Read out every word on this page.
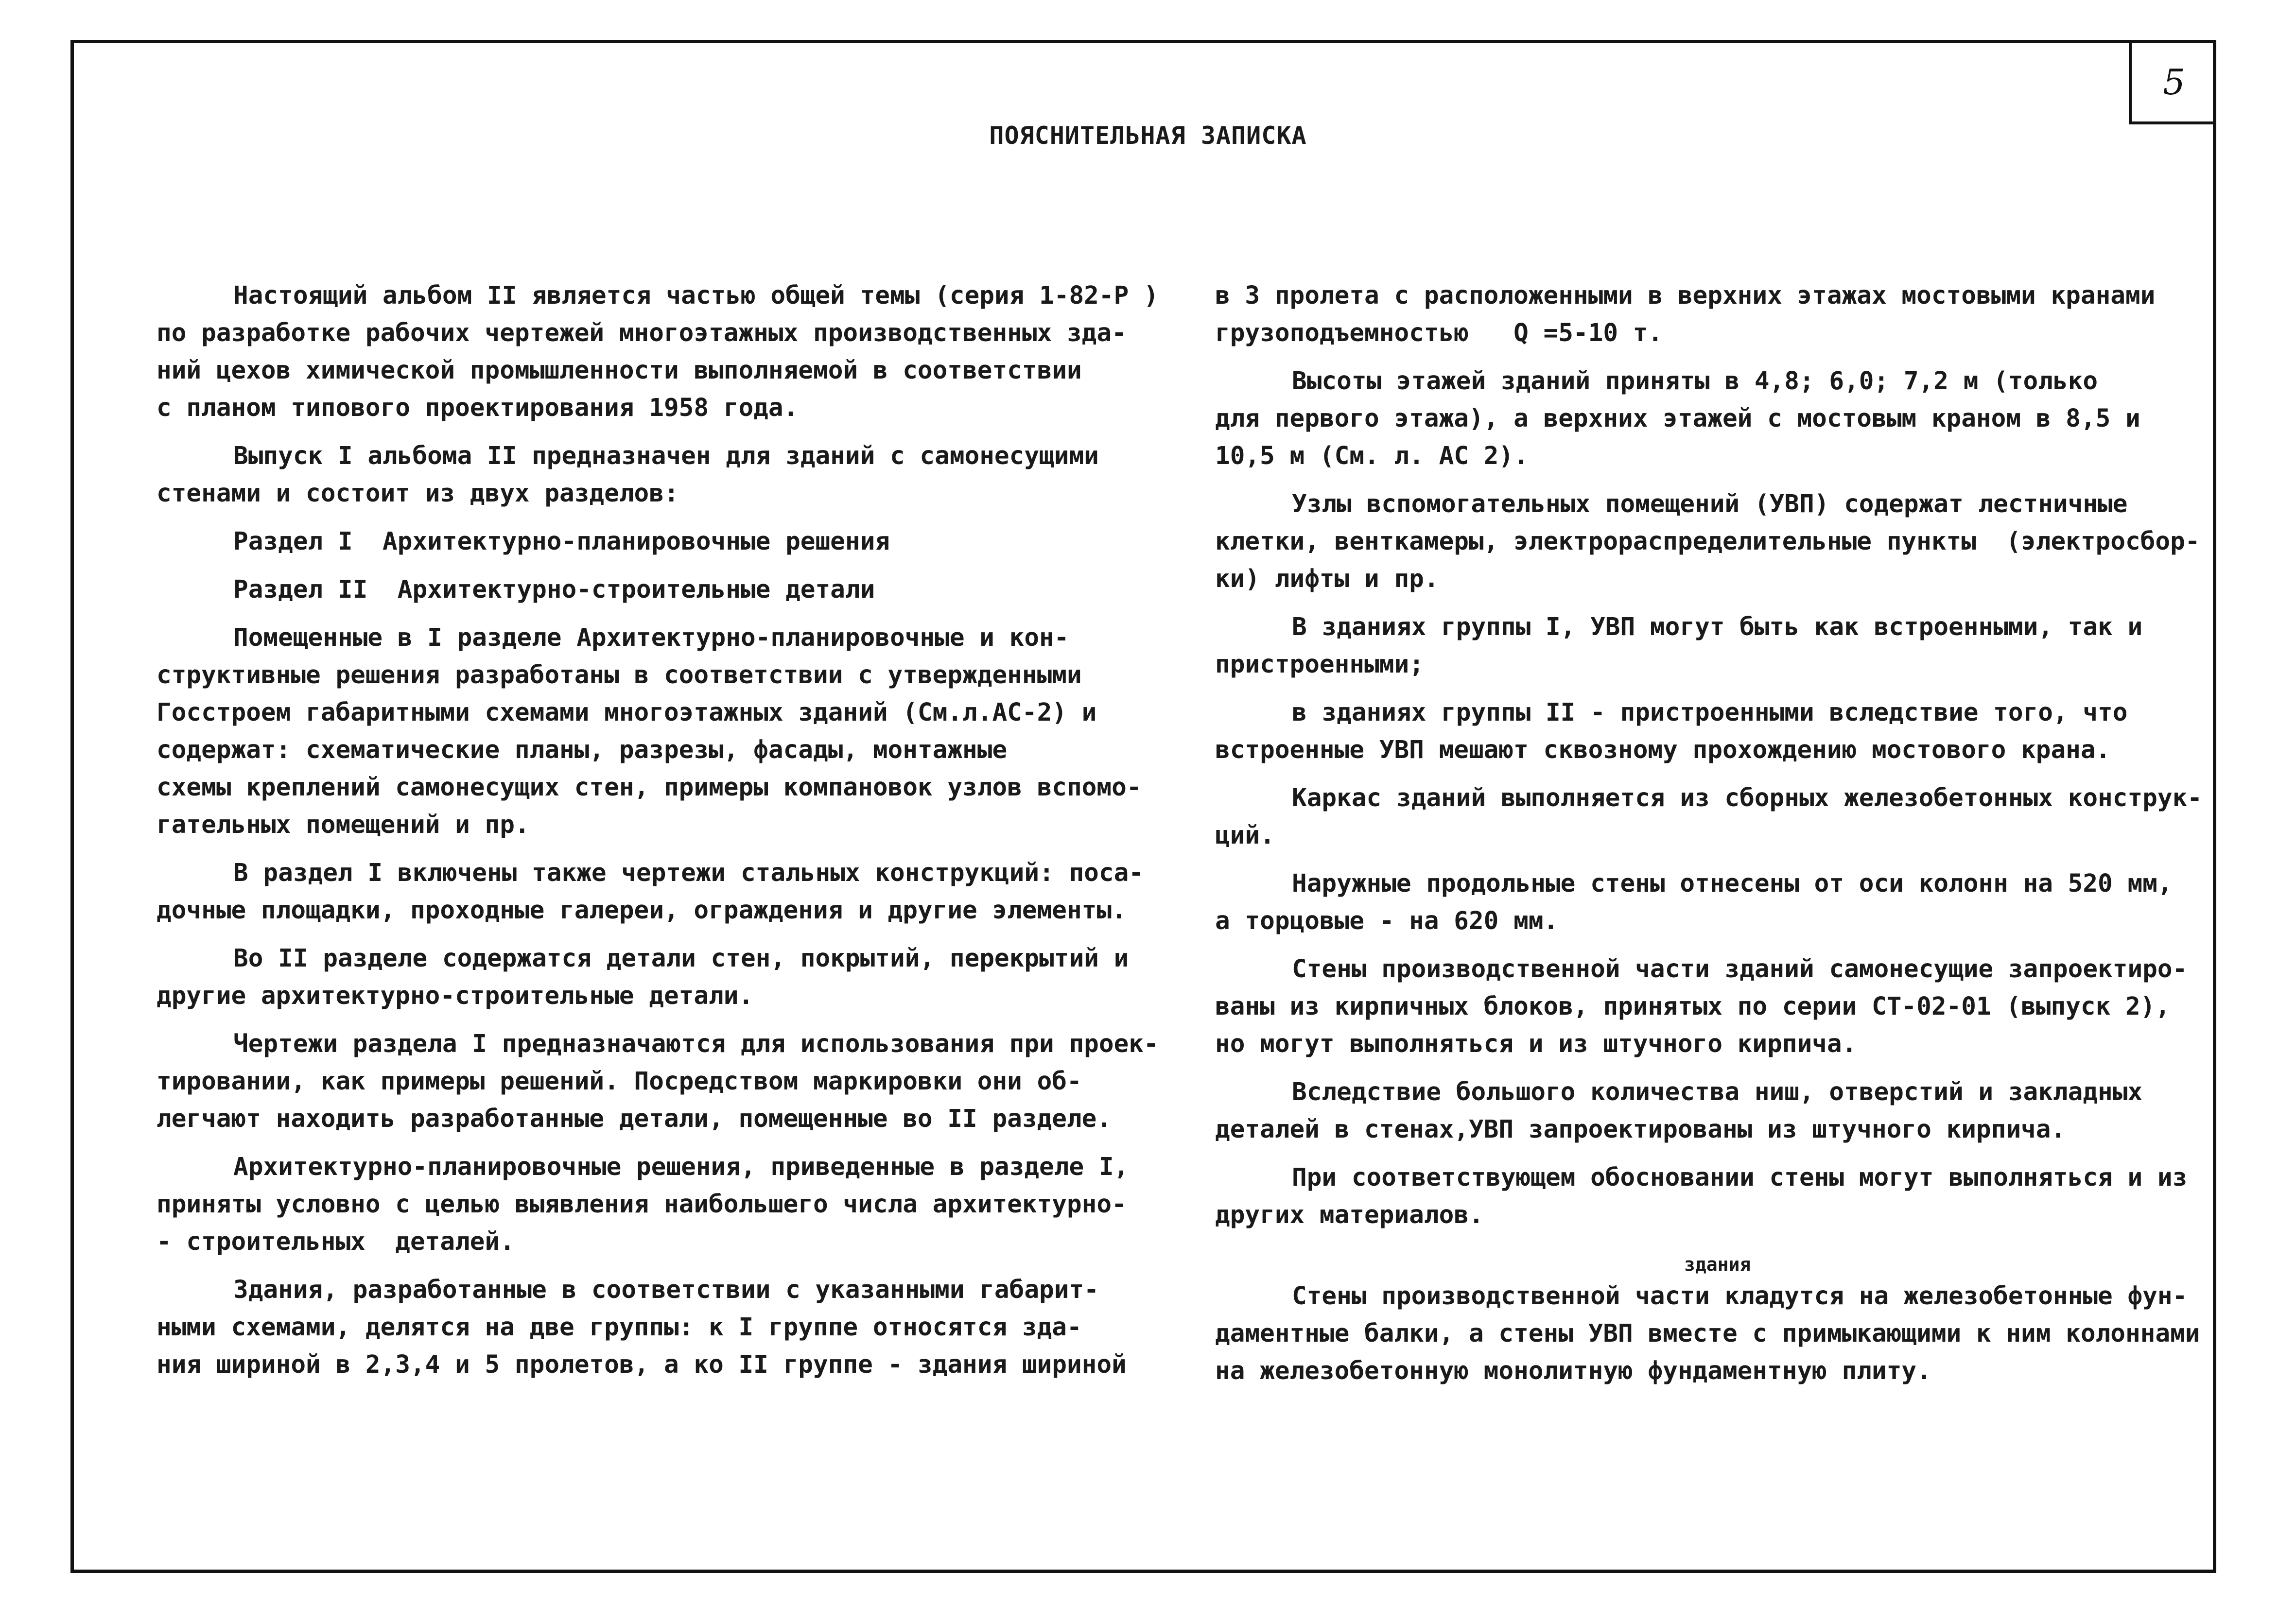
5
ПОЯСНИТЕЛЬНАЯ ЗАПИСКА
Настоящий альбом II является частью общей темы (серия 1-82-Р )
по разработке рабочих чертежей многоэтажных производственных зда-
ний цехов химической промышленности выполняемой в соответствии
с планом типового проектирования 1958 года.
Выпуск I альбома II предназначен для зданий с самонесущими
стенами и состоит из двух разделов:
Раздел I  Архитектурно-планировочные решения
Раздел II  Архитектурно-строительные детали
Помещенные в I разделе Архитектурно-планировочные и кон-
структивные решения разработаны в соответствии с утвержденными
Госстроем габаритными схемами многоэтажных зданий (См.л.АС-2) и
содержат: схематические планы, разрезы, фасады, монтажные
схемы креплений самонесущих стен, примеры компановок узлов вспомо-
гательных помещений и пр.
В раздел I включены также чертежи стальных конструкций: поса-
дочные площадки, проходные галереи, ограждения и другие элементы.
Во II разделе содержатся детали стен, покрытий, перекрытий и
другие архитектурно-строительные детали.
Чертежи раздела I предназначаются для использования при проек-
тировании, как примеры решений. Посредством маркировки они об-
легчают находить разработанные детали, помещенные во II разделе.
Архитектурно-планировочные решения, приведенные в разделе I,
приняты условно с целью выявления наибольшего числа архитектурно-
- строительных  деталей.
Здания, разработанные в соответствии с указанными габарит-
ными схемами, делятся на две группы: к I группе относятся зда-
ния шириной в 2,3,4 и 5 пролетов, а ко II группе - здания шириной
в 3 пролета с расположенными в верхних этажах мостовыми кранами
грузоподъемностью   Q =5-10 т.
Высоты этажей зданий приняты в 4,8; 6,0; 7,2 м (только
для первого этажа), а верхних этажей с мостовым краном в 8,5 и
10,5 м (См. л. АС 2).
Узлы вспомогательных помещений (УВП) содержат лестничные
клетки, венткамеры, электрораспределительные пункты  (электросбор-
ки) лифты и пр.
В зданиях группы I, УВП могут быть как встроенными, так и
пристроенными;
в зданиях группы II - пристроенными вследствие того, что
встроенные УВП мешают сквозному прохождению мостового крана.
Каркас зданий выполняется из сборных железобетонных конструк-
ций.
Наружные продольные стены отнесены от оси колонн на 520 мм,
а торцовые - на 620 мм.
Стены производственной части зданий самонесущие запроектиро-
ваны из кирпичных блоков, принятых по серии СТ-02-01 (выпуск 2),
но могут выполняться и из штучного кирпича.
Вследствие большого количества ниш, отверстий и закладных
деталей в стенах,УВП запроектированы из штучного кирпича.
При соответствующем обосновании стены могут выполняться и из
других материалов.
Стены производственной части кладутся на железобетонные фун-
даментные балки, а стены УВП вместе с примыкающими к ним колоннами
на железобетонную монолитную фундаментную плиту.
здания
